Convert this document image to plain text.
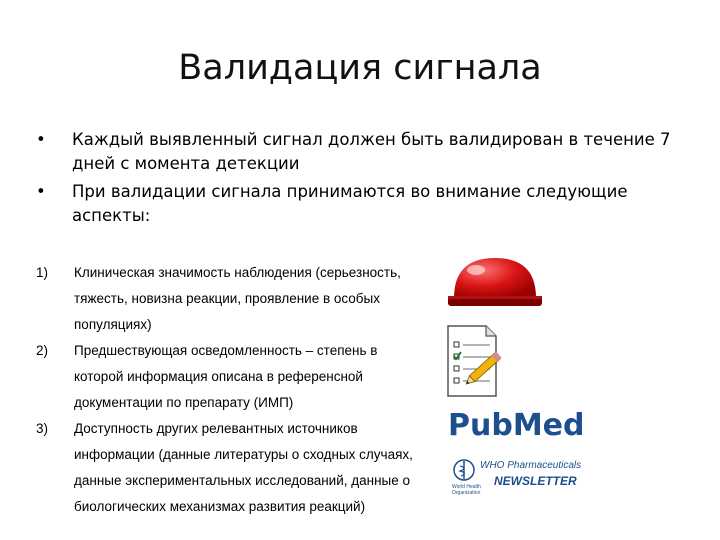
Валидация сигнала
• Каждый выявленный сигнал должен быть валидирован в течение 7 дней с момента детекции
• При валидации сигнала принимаются во внимание следующие аспекты:
1) Клиническая значимость наблюдения (серьезность,
тяжесть, новизна реакции, проявление в особых
популяциях)
2) Предшествующая осведомленность – степень в
которой информация описана в референсной
документации по препарату (ИМП)
3) Доступность других релевантных источников
информации (данные литературы о сходных случаях,
данные экспериментальных исследований, данные о
биологических механизмах развития реакций)
PubMed
WHO Pharmaceuticals
NEWSLETTER
World Health
Organization
